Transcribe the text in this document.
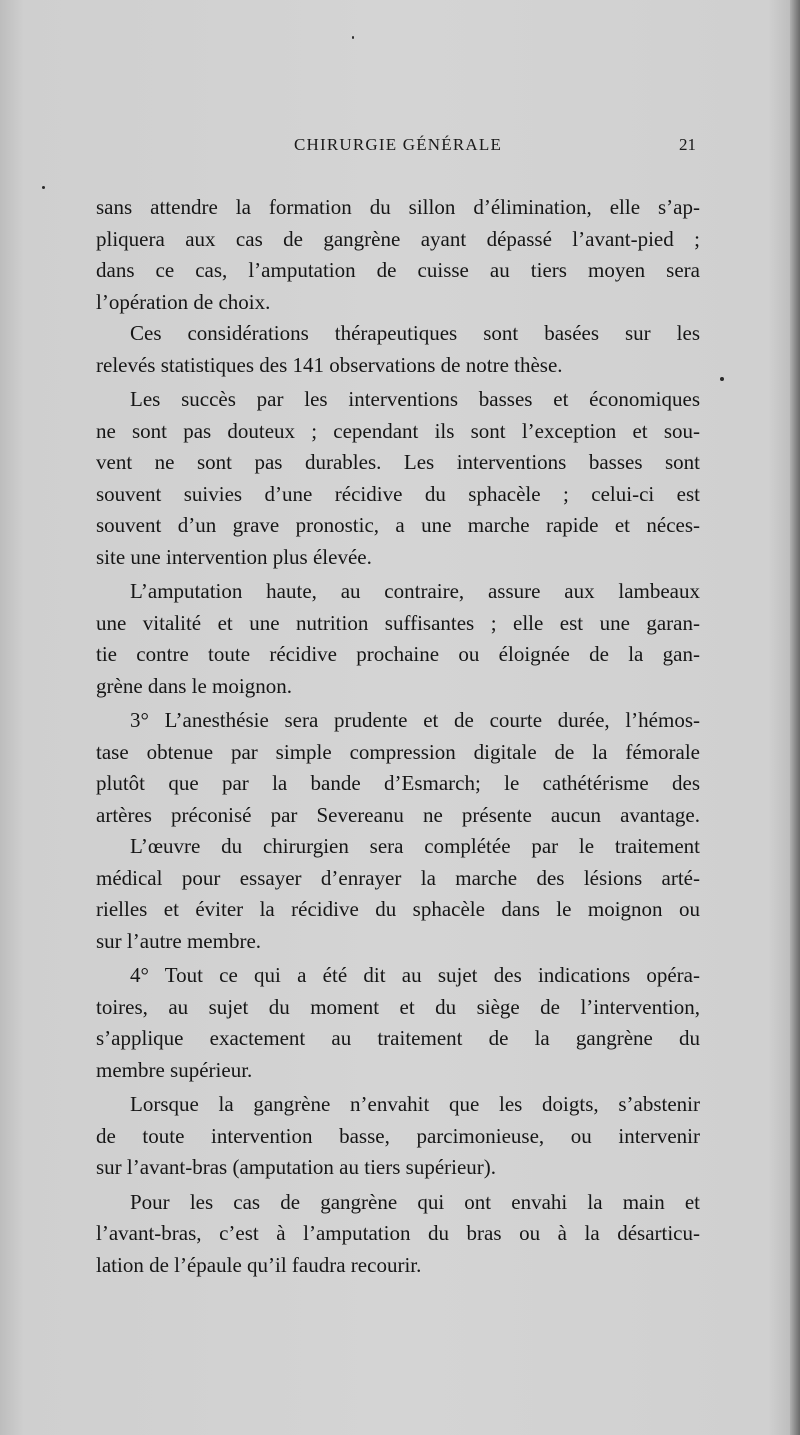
CHIRURGIE GÉNÉRALE	21

sans attendre la formation du sillon d’élimination, elle s’ap-
pliquera aux cas de gangrène ayant dépassé l’avant-pied ;
dans ce cas, l’amputation de cuisse au tiers moyen sera
l’opération de choix.

Ces considérations thérapeutiques sont basées sur les
relevés statistiques des 141 observations de notre thèse.

Les succès par les interventions basses et économiques
ne sont pas douteux ; cependant ils sont l’exception et sou-
vent ne sont pas durables. Les interventions basses sont
souvent suivies d’une récidive du sphacèle ; celui-ci est
souvent d’un grave pronostic, a une marche rapide et néces-
site une intervention plus élevée.

L’amputation haute, au contraire, assure aux lambeaux
une vitalité et une nutrition suffisantes ; elle est une garan-
tie contre toute récidive prochaine ou éloignée de la gan-
grène dans le moignon.

3° L’anesthésie sera prudente et de courte durée, l’hémos-
tase obtenue par simple compression digitale de la fémorale
plutôt que par la bande d’Esmarch; le cathétérisme des
artères préconisé par Severeanu ne présente aucun avantage.

L’œuvre du chirurgien sera complétée par le traitement
médical pour essayer d’enrayer la marche des lésions arté-
rielles et éviter la récidive du sphacèle dans le moignon ou
sur l’autre membre.

4° Tout ce qui a été dit au sujet des indications opéra-
toires, au sujet du moment et du siège de l’intervention,
s’applique exactement au traitement de la gangrène du
membre supérieur.

Lorsque la gangrène n’envahit que les doigts, s’abstenir
de toute intervention basse, parcimonieuse, ou intervenir
sur l’avant-bras (amputation au tiers supérieur).

Pour les cas de gangrène qui ont envahi la main et
l’avant-bras, c’est à l’amputation du bras ou à la désarticu-
lation de l’épaule qu’il faudra recourir.
